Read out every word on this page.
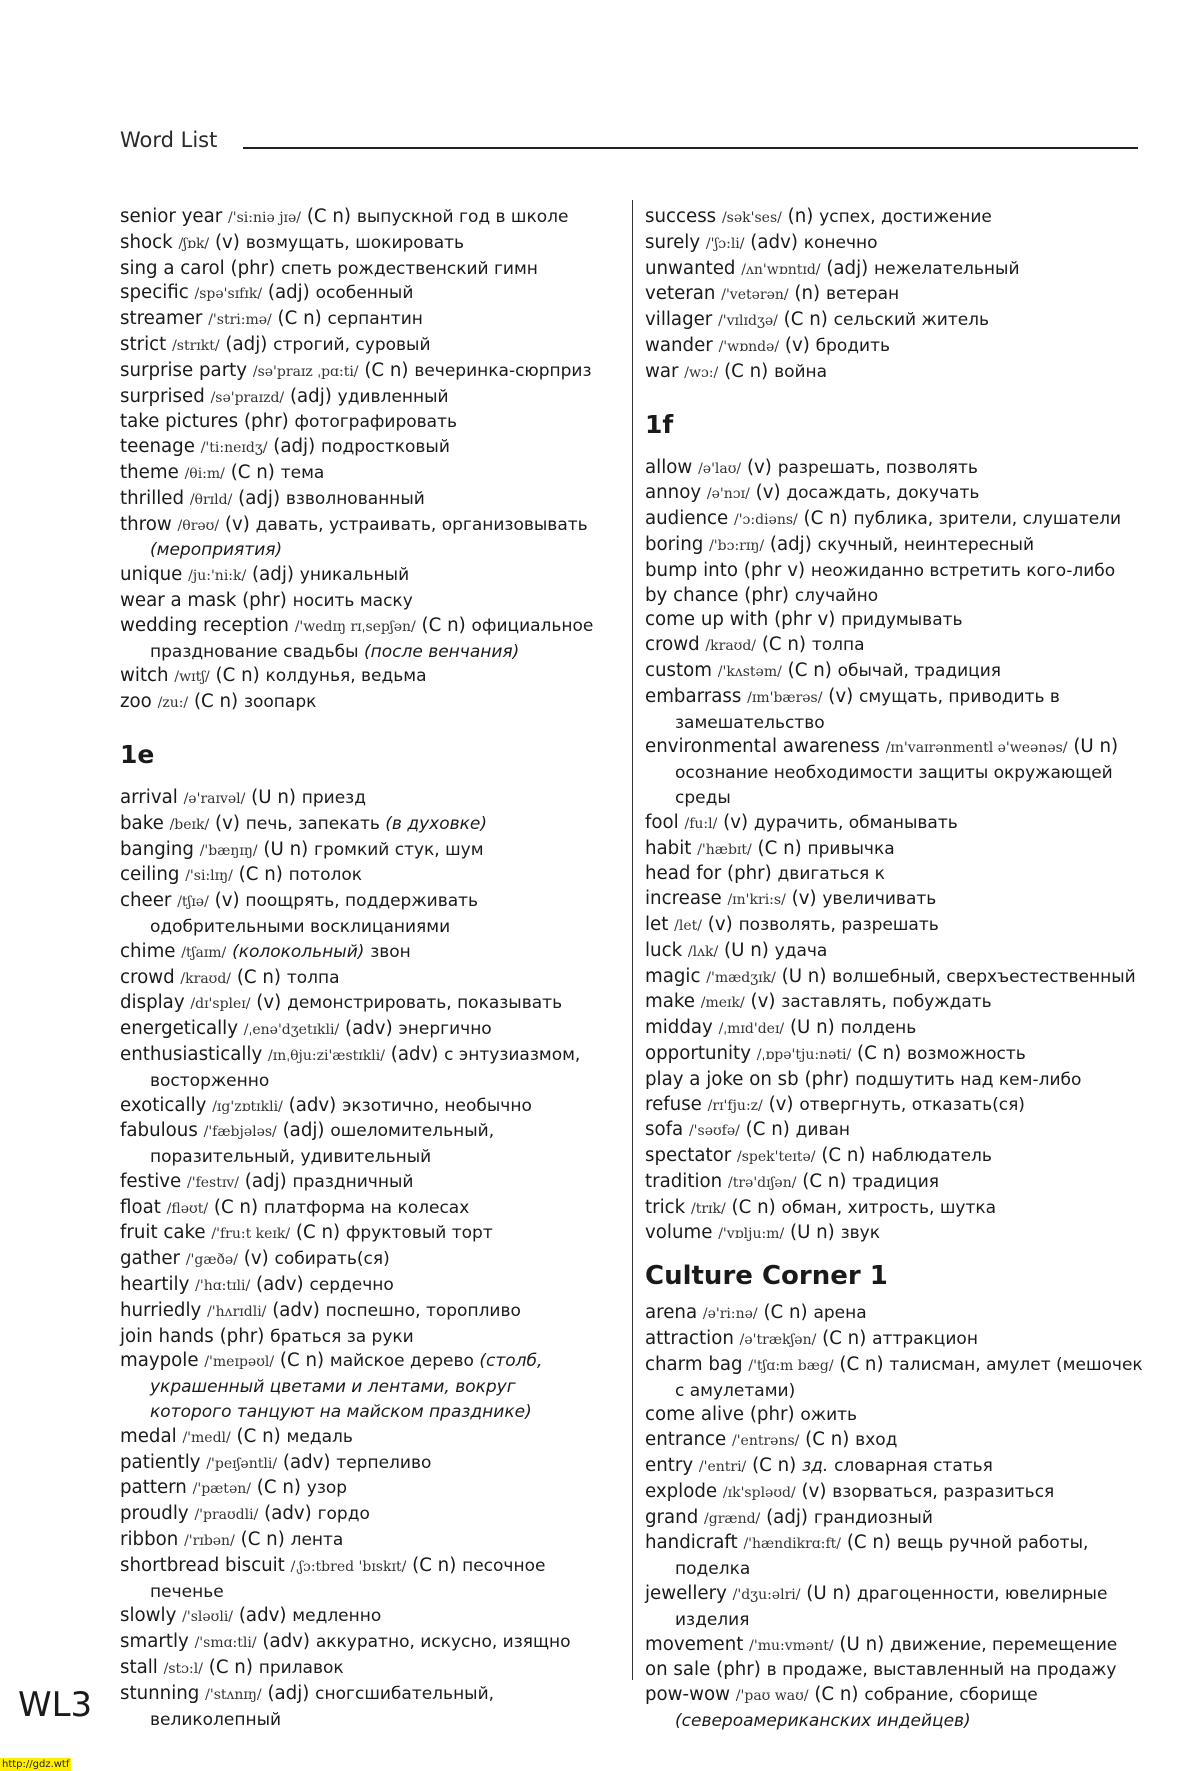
Word List
senior year /'si:niə jɪə/ (C n) выпускной год в школе
shock /ʃɒk/ (v) возмущать, шокировать
sing a carol (phr) спеть рождественский гимн
specific /spə'sɪfɪk/ (adj) особенный
streamer /'stri:mə/ (C n) серпантин
strict /strɪkt/ (adj) строгий, суровый
surprise party /sə'praɪz ˌpɑ:ti/ (C n) вечеринка-сюрприз
surprised /sə'praɪzd/ (adj) удивленный
take pictures (phr) фотографировать
teenage /'ti:neɪdʒ/ (adj) подростковый
theme /θi:m/ (C n) тема
thrilled /θrɪld/ (adj) взволнованный
throw /θrəʊ/ (v) давать, устраивать, организовывать
(мероприятия)
unique /ju:'ni:k/ (adj) уникальный
wear a mask (phr) носить маску
wedding reception /'wedɪŋ rɪˌsepʃən/ (C n) официальное
празднование свадьбы (после венчания)
witch /wɪtʃ/ (C n) колдунья, ведьма
zoo /zu:/ (C n) зоопарк
1e
arrival /ə'raɪvəl/ (U n) приезд
bake /beɪk/ (v) печь, запекать (в духовке)
banging /'bæŋɪŋ/ (U n) громкий стук, шум
ceiling /'si:lɪŋ/ (C n) потолок
cheer /tʃɪə/ (v) поощрять, поддерживать
одобрительными восклицаниями
chime /tʃaɪm/ (колокольный) звон
crowd /kraʊd/ (C n) толпа
display /dɪ'spleɪ/ (v) демонстрировать, показывать
energetically /ˌenə'dʒetɪkli/ (adv) энергично
enthusiastically /ɪnˌθju:zi'æstɪkli/ (adv) с энтузиазмом,
восторженно
exotically /ɪg'zɒtɪkli/ (adv) экзотично, необычно
fabulous /'fæbjələs/ (adj) ошеломительный,
поразительный, удивительный
festive /'festɪv/ (adj) праздничный
float /fləʊt/ (C n) платформа на колесах
fruit cake /'fru:t keɪk/ (C n) фруктовый торт
gather /'gæðə/ (v) собирать(ся)
heartily /'hɑ:tɪli/ (adv) сердечно
hurriedly /'hʌrɪdli/ (adv) поспешно, торопливо
join hands (phr) браться за руки
maypole /'meɪpəʊl/ (C n) майское дерево (столб,
украшенный цветами и лентами, вокруг
которого танцуют на майском празднике)
medal /'medl/ (C n) медаль
patiently /'peɪʃəntli/ (adv) терпеливо
pattern /'pætən/ (C n) узор
proudly /'praʊdli/ (adv) гордо
ribbon /'rɪbən/ (C n) лента
shortbread biscuit /ˌʃɔ:tbred 'bɪskɪt/ (C n) песочное
печенье
slowly /'sləʊli/ (adv) медленно
smartly /'smɑ:tli/ (adv) аккуратно, искусно, изящно
stall /stɔ:l/ (C n) прилавок
stunning /'stʌnɪŋ/ (adj) сногсшибательный,
великолепный
success /sək'ses/ (n) успех, достижение
surely /'ʃɔ:li/ (adv) конечно
unwanted /ʌn'wɒntɪd/ (adj) нежелательный
veteran /'vetərən/ (n) ветеран
villager /'vɪlɪdʒə/ (C n) сельский житель
wander /'wɒndə/ (v) бродить
war /wɔ:/ (C n) война
1f
allow /ə'laʊ/ (v) разрешать, позволять
annoy /ə'nɔɪ/ (v) досаждать, докучать
audience /'ɔ:diəns/ (C n) публика, зрители, слушатели
boring /'bɔ:rɪŋ/ (adj) скучный, неинтересный
bump into (phr v) неожиданно встретить кого-либо
by chance (phr) случайно
come up with (phr v) придумывать
crowd /kraʊd/ (C n) толпа
custom /'kʌstəm/ (C n) обычай, традиция
embarrass /ɪm'bærəs/ (v) смущать, приводить в
замешательство
environmental awareness /ɪn'vaɪrənmentl ə'weənəs/ (U n)
осознание необходимости защиты окружающей
среды
fool /fu:l/ (v) дурачить, обманывать
habit /'hæbɪt/ (C n) привычка
head for (phr) двигаться к
increase /ɪn'kri:s/ (v) увеличивать
let /let/ (v) позволять, разрешать
luck /lʌk/ (U n) удача
magic /'mædʒɪk/ (U n) волшебный, сверхъестественный
make /meɪk/ (v) заставлять, побуждать
midday /ˌmɪd'deɪ/ (U n) полдень
opportunity /ˌɒpə'tju:nəti/ (C n) возможность
play a joke on sb (phr) подшутить над кем-либо
refuse /rɪ'fju:z/ (v) отвергнуть, отказать(ся)
sofa /'səʊfə/ (C n) диван
spectator /spek'teɪtə/ (C n) наблюдатель
tradition /trə'dɪʃən/ (C n) традиция
trick /trɪk/ (C n) обман, хитрость, шутка
volume /'vɒlju:m/ (U n) звук
Culture Corner 1
arena /ə'ri:nə/ (C n) арена
attraction /ə'trækʃən/ (C n) аттракцион
charm bag /'tʃɑ:m bæg/ (C n) талисман, амулет (мешочек
с амулетами)
come alive (phr) ожить
entrance /'entrəns/ (C n) вход
entry /'entri/ (C n) зд. словарная статья
explode /ɪk'spləʊd/ (v) взорваться, разразиться
grand /grænd/ (adj) грандиозный
handicraft /'hændikrɑ:ft/ (C n) вещь ручной работы,
поделка
jewellery /'dʒu:əlri/ (U n) драгоценности, ювелирные
изделия
movement /'mu:vmənt/ (U n) движение, перемещение
on sale (phr) в продаже, выставленный на продажу
pow-wow /'paʊ waʊ/ (C n) собрание, сборище
(североамериканских индейцев)
WL3
http://gdz.wtf
